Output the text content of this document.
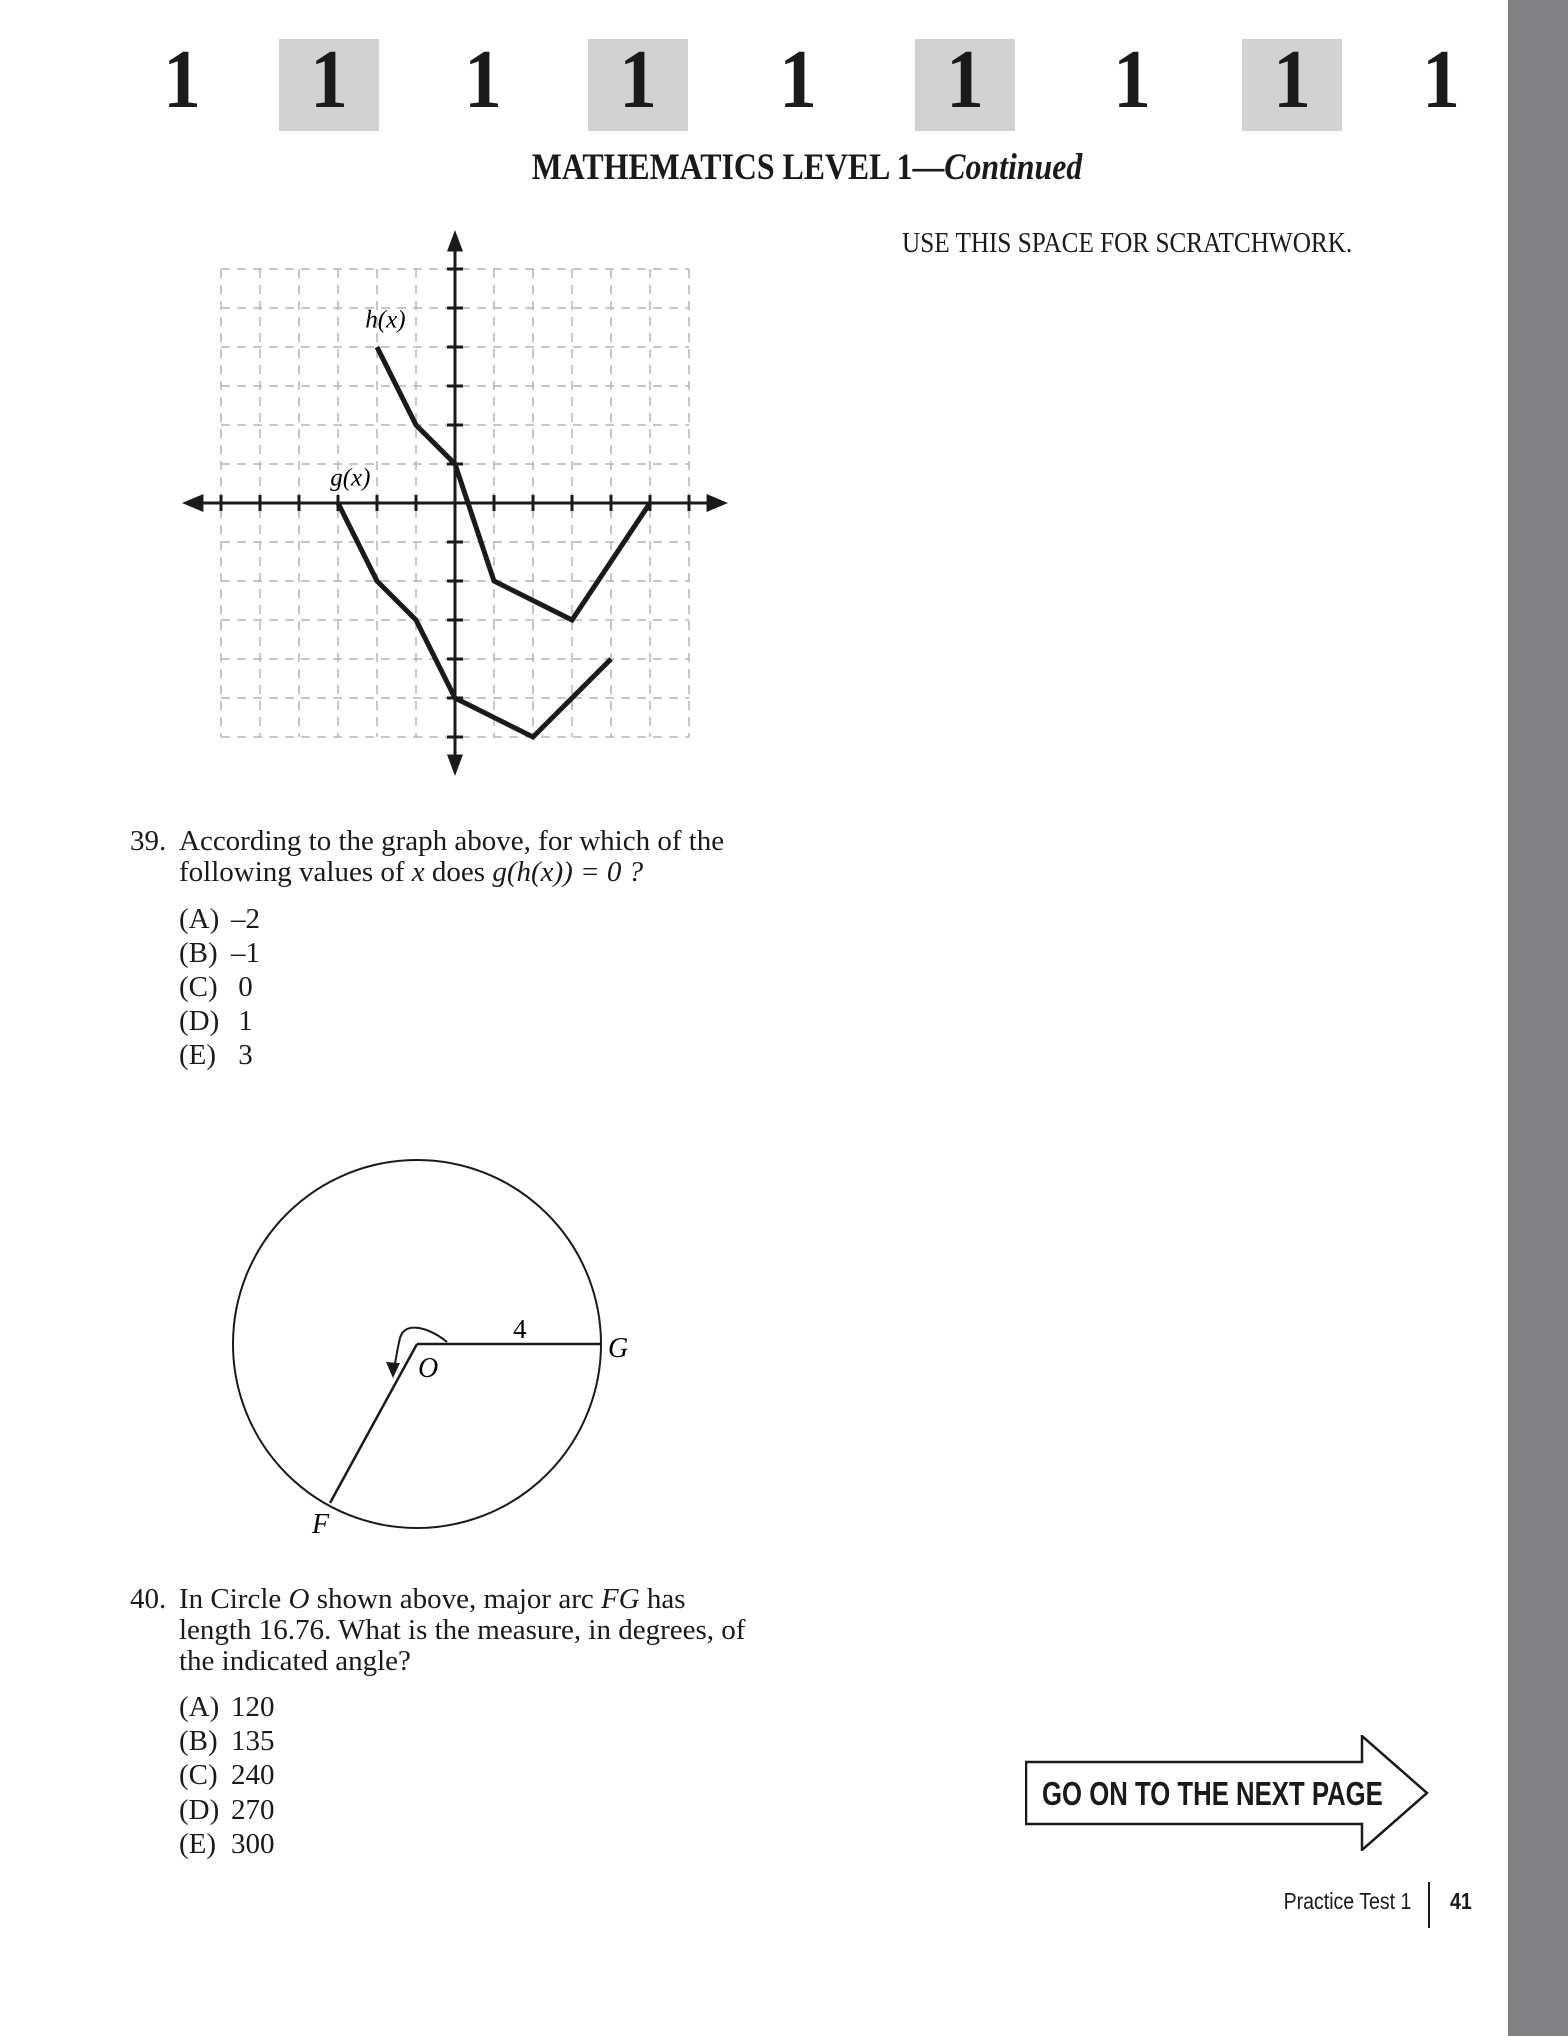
1 1 1 1 1 1 1 1 1
MATHEMATICS LEVEL 1—Continued
USE THIS SPACE FOR SCRATCHWORK.
h(x)
g(x)
39. According to the graph above, for which of the
following values of x does g(h(x)) = 0 ?
(A) –2
(B) –1
(C) 0
(D) 1
(E) 3
4
G
O
F
40. In Circle O shown above, major arc FG has
length 16.76. What is the measure, in degrees, of
the indicated angle?
(A) 120
(B) 135
(C) 240
(D) 270
(E) 300
GO ON TO THE NEXT PAGE
Practice Test 1 41
